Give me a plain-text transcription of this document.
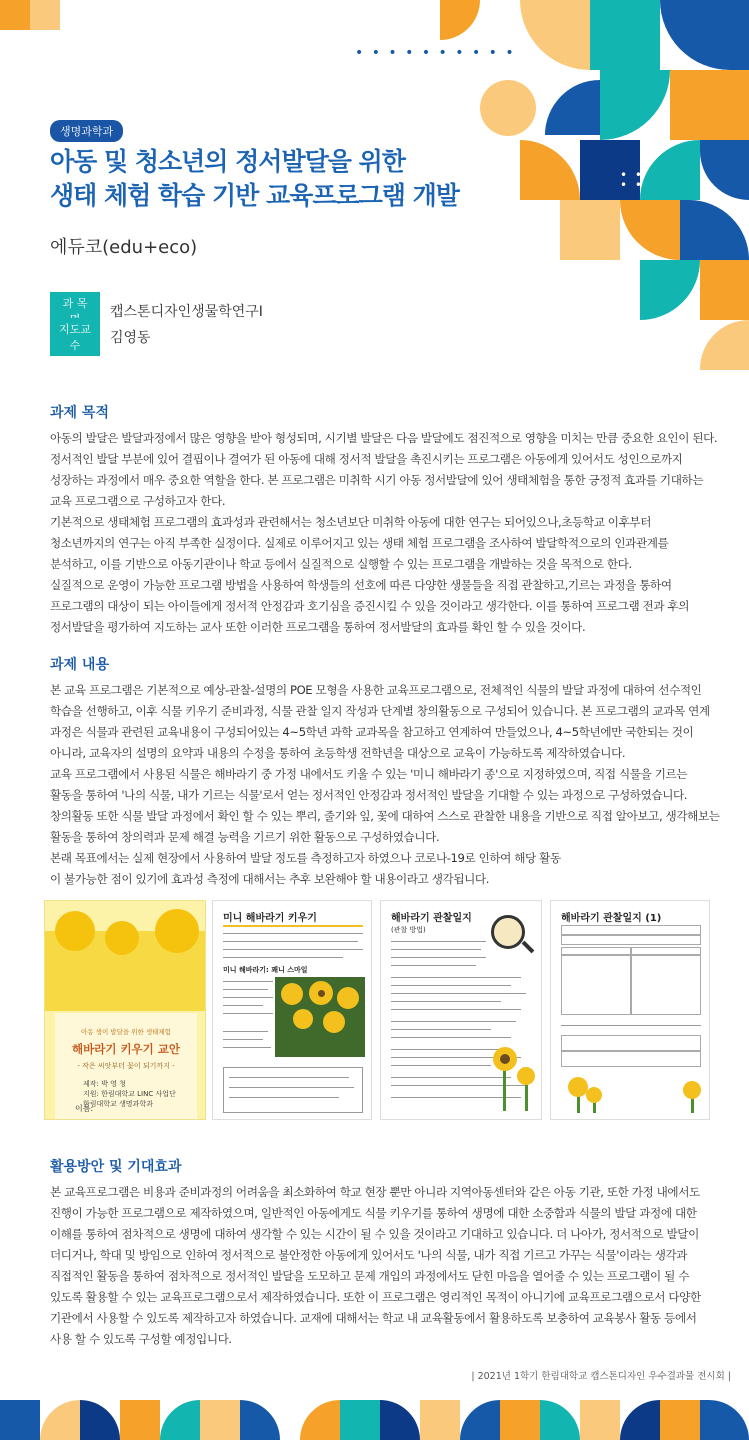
• • • • • • • • • •
• •
• •
생명과학과
아동 및 청소년의 정서발달을 위한
생태 체험 학습 기반 교육프로그램 개발
에듀코(edu+eco)
과 목
캡스톤디자인생물학연구I
지도교수	김영동
과제 목적
아동의 발달은 발달과정에서 많은 영향을 받아 형성되며, 시기별 발달은 다음 발달에도 점진적으로 영향을 미치는 만큼 중요한 요인이 된다.
정서적인 발달 부분에 있어 결핍이나 결여가 된 아동에 대해 정서적 발달을 촉진시키는 프로그램은 아동에게 있어서도 성인으로까지
성장하는 과정에서 매우 중요한 역할을 한다. 본 프로그램은 미취학 시기 아동 정서발달에 있어 생태체험을 통한 긍정적 효과를 기대하는
교육 프로그램으로 구성하고자 한다.
기본적으로 생태체험 프로그램의 효과성과 관련해서는 청소년보단 미취학 아동에 대한 연구는 되어있으나,초등학교 이후부터
청소년까지의 연구는 아직 부족한 실정이다. 실제로 이루어지고 있는 생태 체험 프로그램을 조사하여 발달학적으로의 인과관계를
분석하고, 이를 기반으로 아동기관이나 학교 등에서 실질적으로 실행할 수 있는 프로그램을 개발하는 것을 목적으로 한다.
실질적으로 운영이 가능한 프로그램 방법을 사용하여 학생들의 선호에 따른 다양한 생물들을 직접 관찰하고,기르는 과정을 통하여
프로그램의 대상이 되는 아이들에게 정서적 안정감과 호기심을 증진시킬 수 있을 것이라고 생각한다. 이를 통하여 프로그램 전과 후의
정서발달을 평가하여 지도하는 교사 또한 이러한 프로그램을 통하여 정서발달의 효과를 확인 할 수 있을 것이다.
과제 내용
본 교육 프로그램은 기본적으로 예상-관찰-설명의 POE 모형을 사용한 교육프로그램으로, 전체적인 식물의 발달 과정에 대하여 선수적인
학습을 선행하고, 이후 식물 키우기 준비과정, 식물 관찰 일지 작성과 단계별 창의활동으로 구성되어 있습니다. 본 프로그램의 교과목 연계
과정은 식물과 관련된 교육내용이 구성되어있는 4~5학년 과학 교과목을 참고하고 연계하여 만들었으나, 4~5학년에만 국한되는 것이
아니라, 교육자의 설명의 요약과 내용의 수정을 통하여 초등학생 전학년을 대상으로 교육이 가능하도록 제작하였습니다.
교육 프로그램에서 사용된 식물은 해바라기 중 가정 내에서도 키울 수 있는 '미니 해바라기 종'으로 지정하였으며, 직접 식물을 기르는
활동을 통하여 '나의 식물, 내가 기르는 식물'로서 얻는 정서적인 안정감과 정서적인 발달을 기대할 수 있는 과정으로 구성하였습니다.
창의활동 또한 식물 발달 과정에서 확인 할 수 있는 뿌리, 줄기와 잎, 꽃에 대하여 스스로 관찰한 내용을 기반으로 직접 알아보고, 생각해보는
활동을 통하여 창의력과 문제 해결 능력을 기르기 위한 활동으로 구성하였습니다.
본래 목표에서는 실제 현장에서 사용하여 발달 정도를 측정하고자 하였으나 코로나-19로 인하여 해당 활동
이 불가능한 점이 있기에 효과성 측정에 대해서는 추후 보완해야 할 내용이라고 생각됩니다.
아동 생이 발달을 위한 생태체험
해바라기 키우기 교안
- 작은 씨앗부터 꽃이 되기까지 -
이름:
제작: 박 영 청
지원: 한림대학교 LINC 사업단
한림대학교 생명과학과
미니 해바라기 키우기
미니 해바라기: 꽤니 스마일
해바라기 관찰일지
(관찰 방법)
해바라기 관찰일지 (1)
활용방안 및 기대효과
본 교육프로그램은 비용과 준비과정의 어려움을 최소화하여 학교 현장 뿐만 아니라 지역아동센터와 같은 아동 기관, 또한 가정 내에서도
진행이 가능한 프로그램으로 제작하였으며, 일반적인 아동에게도 식물 키우기를 통하여 생명에 대한 소중함과 식물의 발달 과정에 대한
이해를 통하여 점차적으로 생명에 대하여 생각할 수 있는 시간이 될 수 있을 것이라고 기대하고 있습니다. 더 나아가, 정서적으로 발달이
더디거나, 학대 및 방임으로 인하여 정서적으로 불안정한 아동에게 있어서도 '나의 식물, 내가 직접 기르고 가꾸는 식물'이라는 생각과
직접적인 활동을 통하여 점차적으로 정서적인 발달을 도모하고 문제 개입의 과정에서도 닫힌 마음을 열어줄 수 있는 프로그램이 될 수
있도록 활용할 수 있는 교육프로그램으로서 제작하였습니다. 또한 이 프로그램은 영리적인 목적이 아니기에 교육프로그램으로서 다양한
기관에서 사용할 수 있도록 제작하고자 하였습니다. 교재에 대해서는 학교 내 교육활동에서 활용하도록 보충하여 교육봉사 활동 등에서
사용 할 수 있도록 구성할 예정입니다.
| 2021년 1학기 한림대학교 캡스톤디자인 우수결과물 전시회 |
